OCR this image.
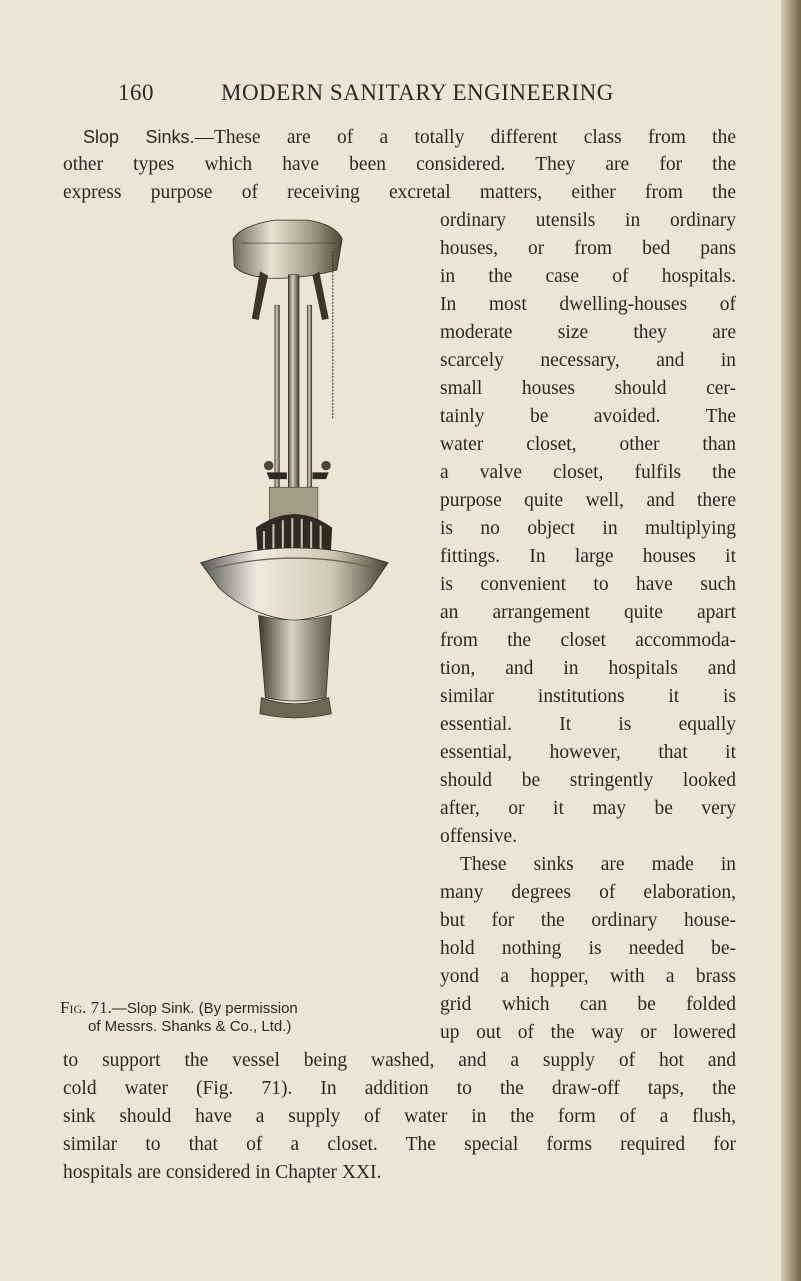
160	MODERN SANITARY ENGINEERING
Slop Sinks.—These are of a totally different class from the
other types which have been considered. They are for the
express purpose of receiving excretal matters, either from the
ordinary utensils in ordinary
houses, or from bed pans
in the case of hospitals.
In most dwelling-houses of
moderate size they are
scarcely necessary, and in
small houses should cer-
tainly be avoided. The
water closet, other than
a valve closet, fulfils the
purpose quite well, and there
is no object in multiplying
fittings. In large houses it
is convenient to have such
an arrangement quite apart
from the closet accommoda-
tion, and in hospitals and
similar institutions it is
essential. It is equally
essential, however, that it
should be stringently looked
after, or it may be very
offensive.
These sinks are made in
many degrees of elaboration,
but for the ordinary house-
hold nothing is needed be-
yond a hopper, with a brass
grid which can be folded
up out of the way or lowered
to support the vessel being washed, and a supply of hot and
cold water (Fig. 71). In addition to the draw-off taps, the
sink should have a supply of water in the form of a flush,
similar to that of a closet. The special forms required for
hospitals are considered in Chapter XXI.
Fig. 71.—Slop Sink. (By permission
of Messrs. Shanks & Co., Ltd.)
